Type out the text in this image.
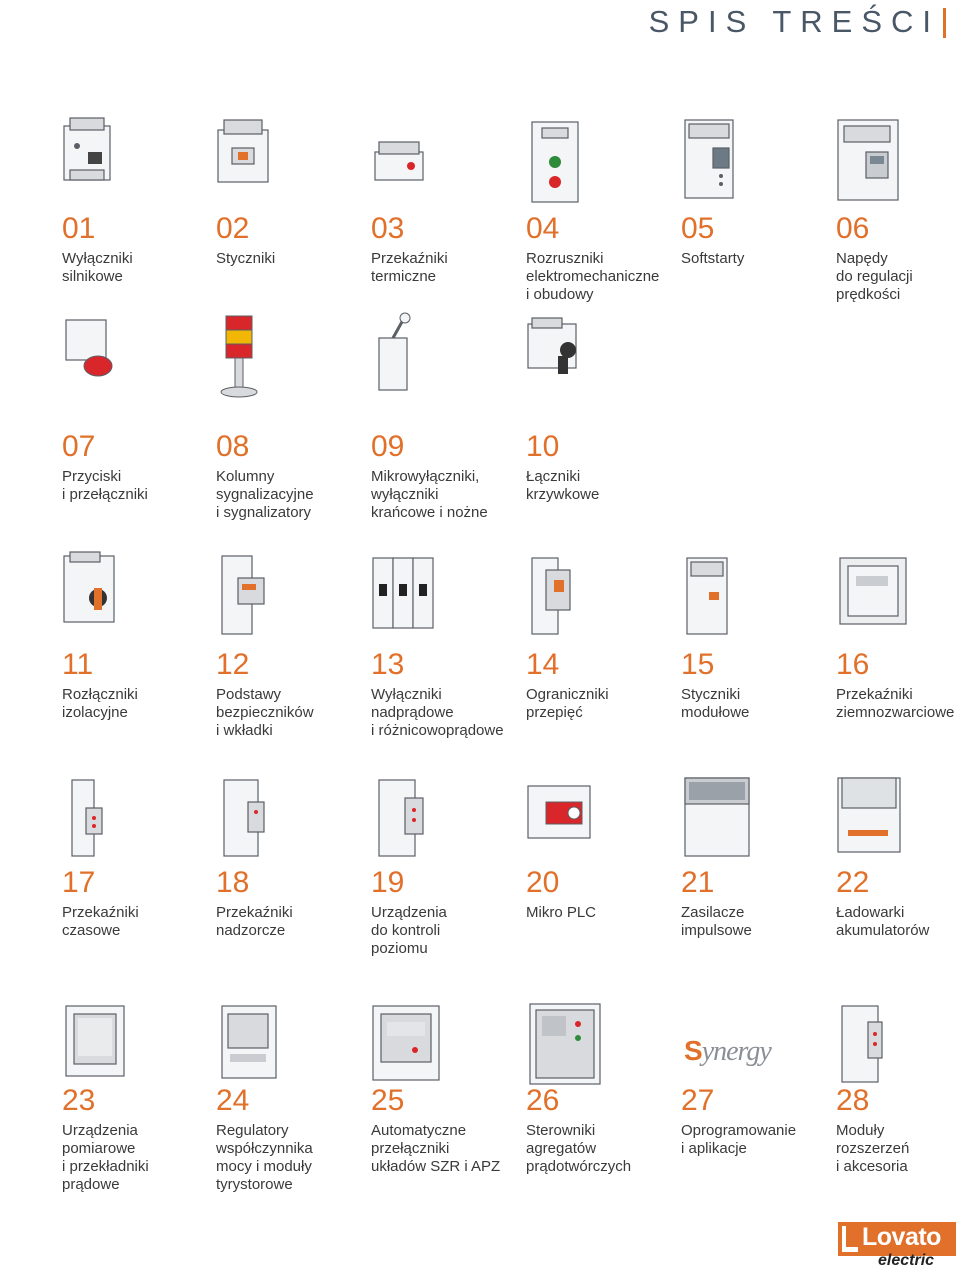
SPIS TREŚCI
01
Wyłączniki
silnikowe
02
Styczniki
03
Przekaźniki
termiczne
04
Rozruszniki
elektromechaniczne
i obudowy
05
Softstarty
06
Napędy
do regulacji
prędkości
07
Przyciski
i przełączniki
08
Kolumny
sygnalizacyjne
i sygnalizatory
09
Mikrowyłączniki,
wyłączniki
krańcowe i nożne
10
Łączniki
krzywkowe
11
Rozłączniki
izolacyjne
12
Podstawy
bezpieczników
i wkładki
13
Wyłączniki
nadprądowe
i różnicowoprądowe
14
Ograniczniki
przepięć
15
Styczniki
modułowe
16
Przekaźniki
ziemnozwarciowe
17
Przekaźniki
czasowe
18
Przekaźniki
nadzorcze
19
Urządzenia
do kontroli
poziomu
20
Mikro PLC
21
Zasilacze
impulsowe
22
Ładowarki
akumulatorów
23
Urządzenia
pomiarowe
i przekładniki
prądowe
24
Regulatory
współczynnika
mocy i moduły
tyrystorowe
25
Automatyczne
przełączniki
układów SZR i APZ
26
Sterowniki
agregatów
prądotwórczych
27
Oprogramowanie
i aplikacje
28
Moduły
rozszerzeń
i akcesoria
Synergy
Lovato
electric
